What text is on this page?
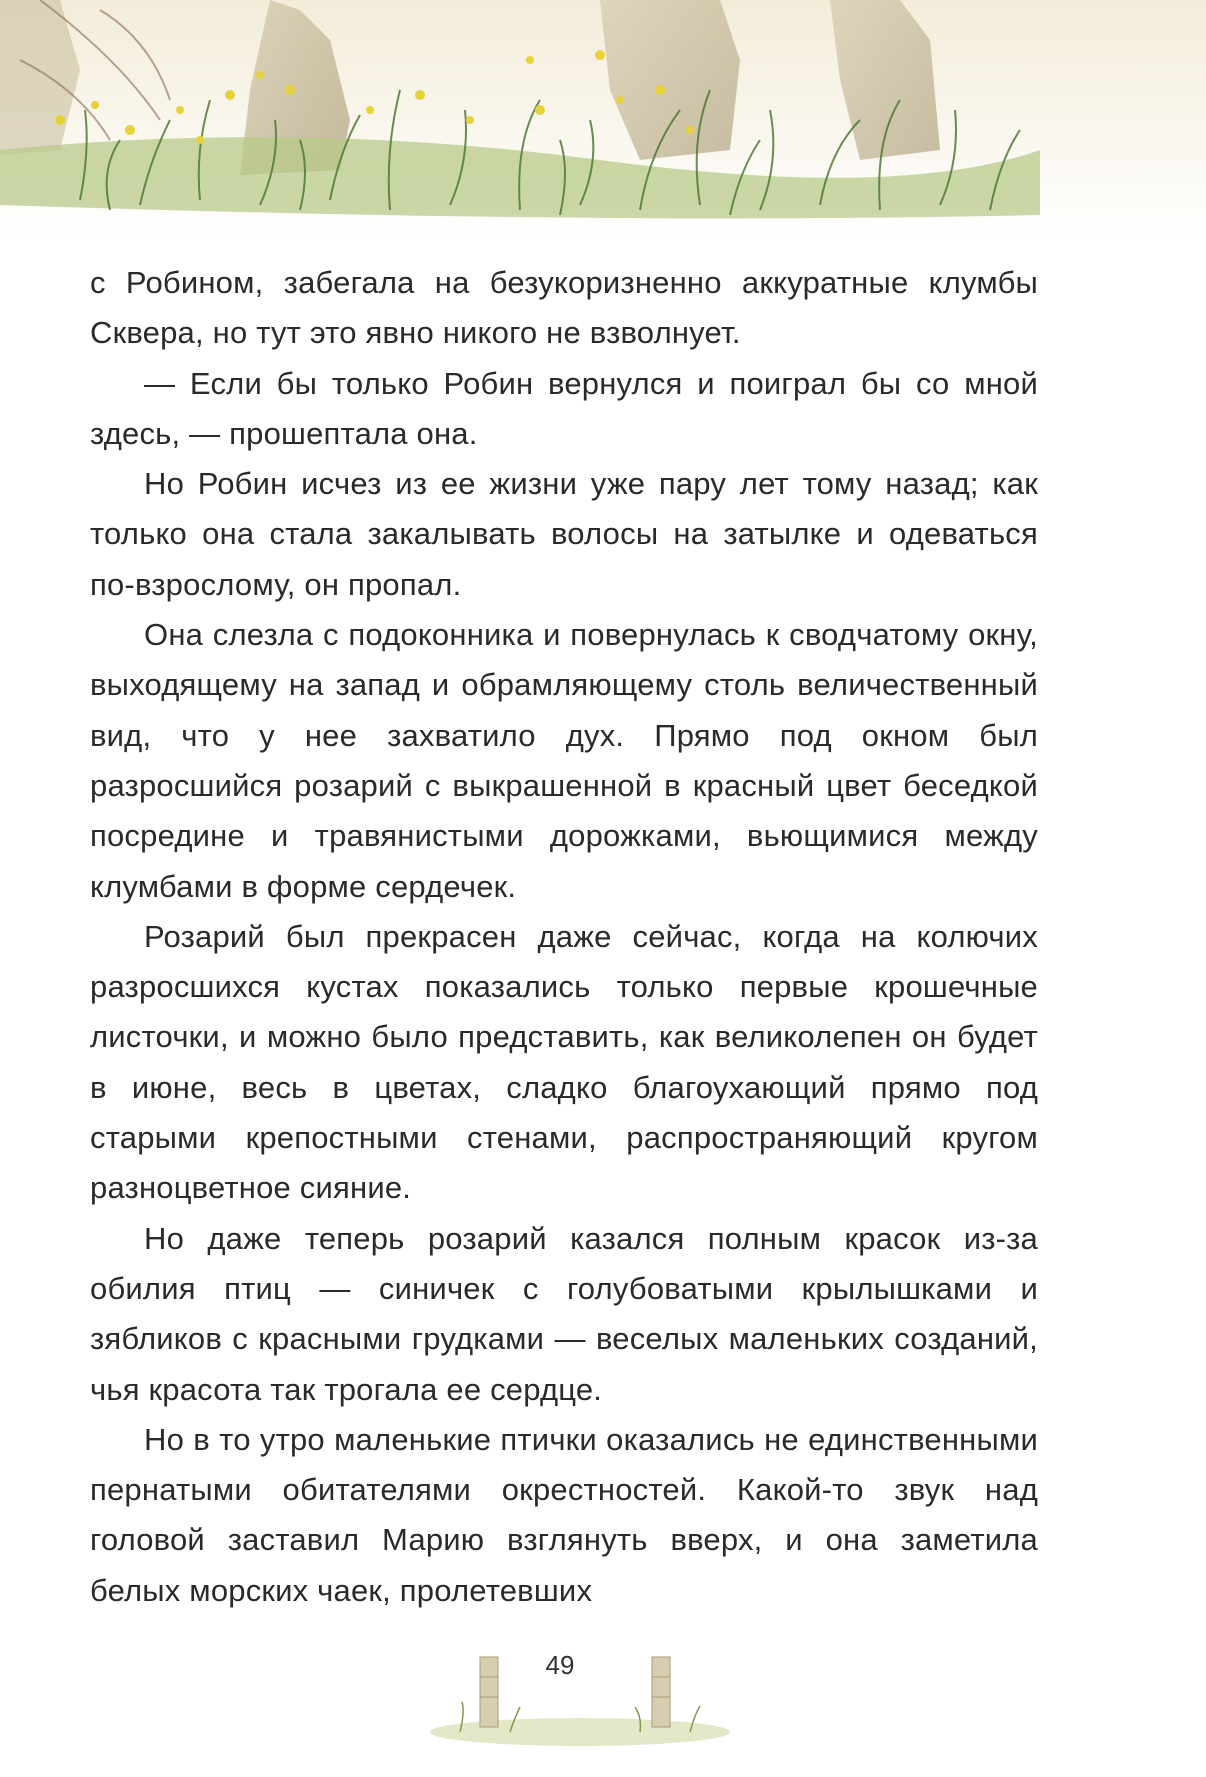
с Робином, забегала на безукоризненно аккуратные клумбы Сквера, но тут это явно никого не взволнует.

— Если бы только Робин вернулся и поиграл бы со мной здесь, — прошептала она.

Но Робин исчез из ее жизни уже пару лет тому назад; как только она стала закалывать волосы на затылке и одеваться по-взрослому, он пропал.

Она слезла с подоконника и повернулась к сводчатому окну, выходящему на запад и обрамляющему столь величественный вид, что у нее захватило дух. Прямо под окном был разросшийся розарий с выкрашенной в красный цвет беседкой посредине и травянистыми дорожками, вьющимися между клумбами в форме сердечек.

Розарий был прекрасен даже сейчас, когда на колючих разросшихся кустах показались только первые крошечные листочки, и можно было представить, как великолепен он будет в июне, весь в цветах, сладко благоухающий прямо под старыми крепостными стенами, распространяющий кругом разноцветное сияние.

Но даже теперь розарий казался полным красок из-за обилия птиц — синичек с голубоватыми крылышками и зябликов с красными грудками — веселых маленьких созданий, чья красота так трогала ее сердце.

Но в то утро маленькие птички оказались не единственными пернатыми обитателями окрестностей. Какой-то звук над головой заставил Марию взглянуть вверх, и она заметила белых морских чаек, пролетевших

49
